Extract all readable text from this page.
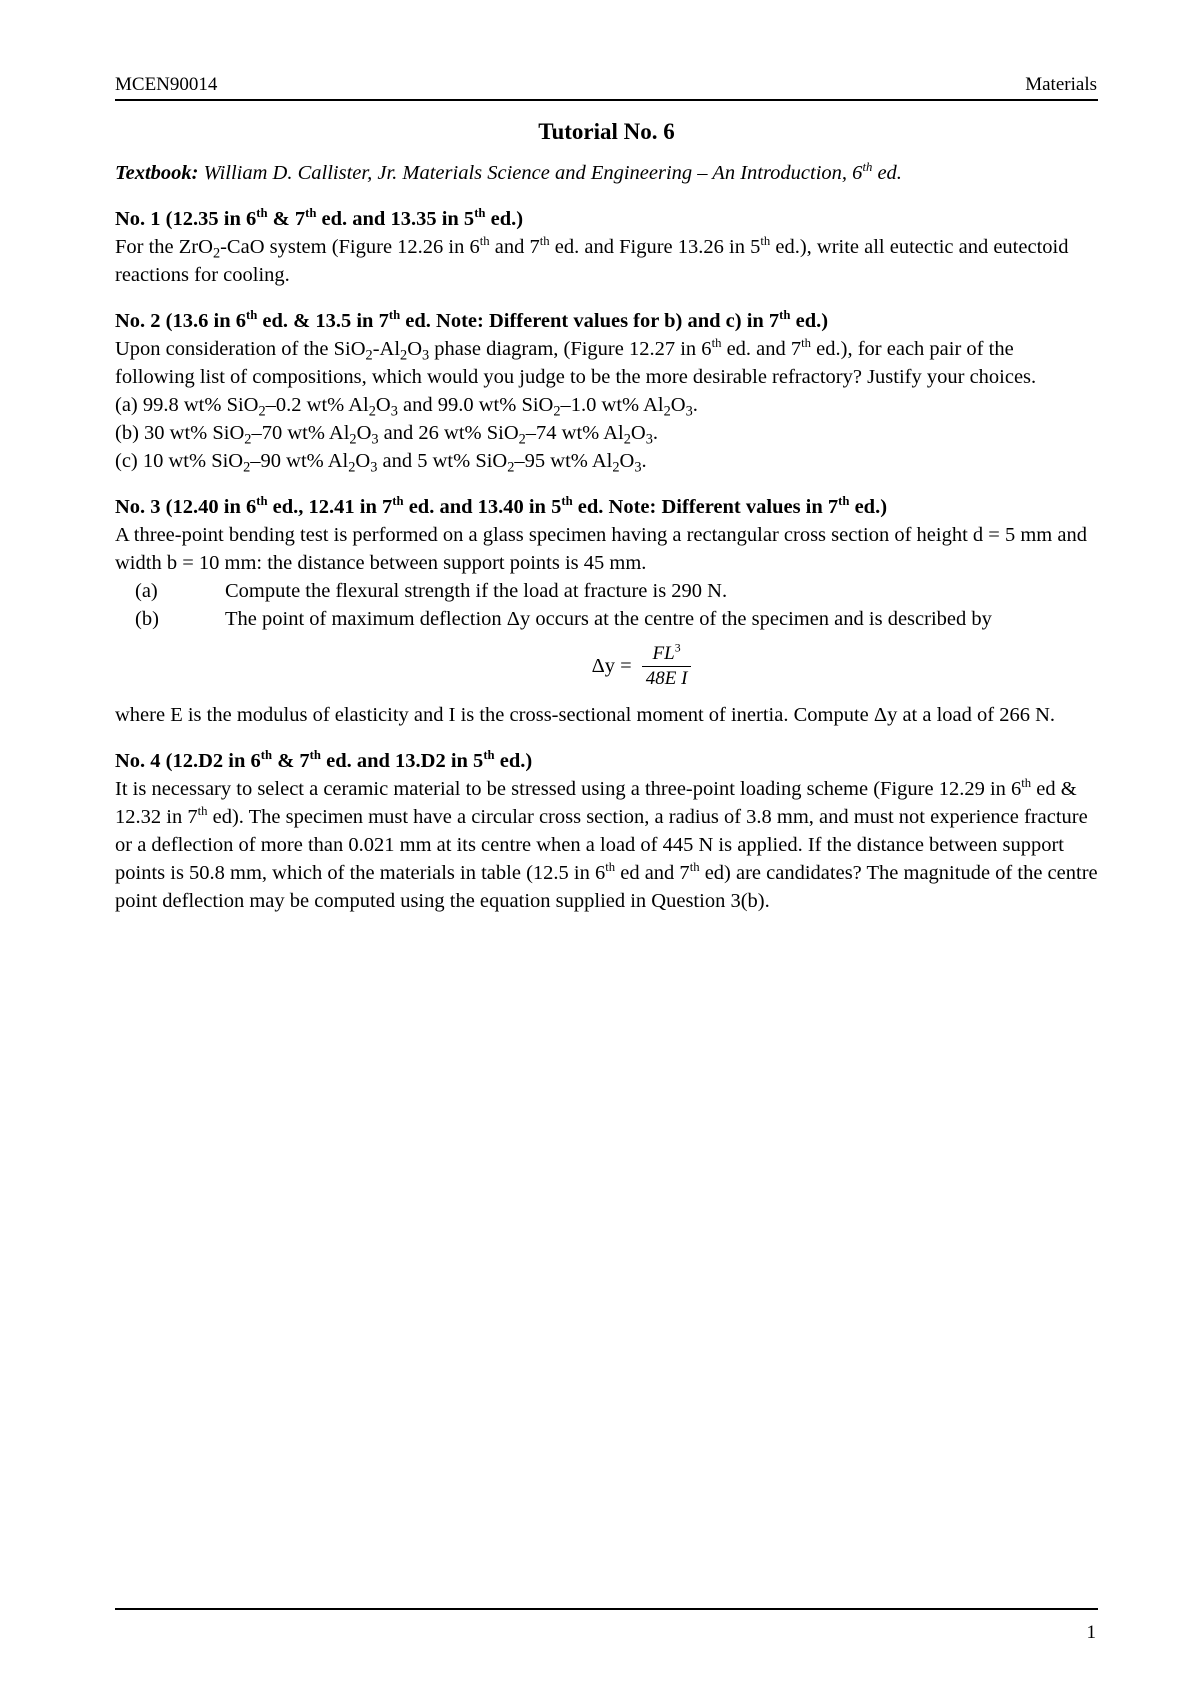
MCEN90014	Materials
Tutorial No. 6
Textbook: William D. Callister, Jr. Materials Science and Engineering – An Introduction, 6th ed.
No. 1 (12.35 in 6th & 7th ed. and 13.35 in 5th ed.)
For the ZrO$_2$-CaO system (Figure 12.26 in 6th and 7th ed. and Figure 13.26 in 5th ed.), write all eutectic and eutectoid reactions for cooling.
No. 2 (13.6 in 6th ed. & 13.5 in 7th ed. Note: Different values for b) and c) in 7th ed.)
Upon consideration of the $SiO_2-Al_2O_3$ phase diagram, (Figure 12.27 in 6th ed. and 7th ed.), for each pair of the following list of compositions, which would you judge to be the more desirable refractory? Justify your choices.
(a) 99.8 wt% SiO$_2$–0.2 wt% $Al_2O_3$ and 99.0 wt% SiO$_2$–1.0 wt% $Al_2O_3$.
(b) 30 wt% SiO$_2$–70 wt% $Al_2O_3$ and 26 wt% SiO$_2$–74 wt% $Al_2O_3$.
(c) 10 wt% SiO$_2$–90 wt% $Al_2O_3$ and 5 wt% SiO$_2$–95 wt% $Al_2O_3$.
No. 3 (12.40 in 6th ed., 12.41 in 7th ed. and 13.40 in 5th ed. Note: Different values in 7th ed.)
A three-point bending test is performed on a glass specimen having a rectangular cross section of height d = 5 mm and width b = 10 mm: the distance between support points is 45 mm.
(a)	Compute the flexural strength if the load at fracture is 290 N.
(b)	The point of maximum deflection Δy occurs at the centre of the specimen and is described by
$\Delta y = \frac{FL^3}{\text{48E I}}$
where E is the modulus of elasticity and I is the cross-sectional moment of inertia. Compute Δy at a load of 266 N.
No. 4 (12.D2 in 6th & 7th ed. and 13.D2 in 5th ed.)
It is necessary to select a ceramic material to be stressed using a three-point loading scheme (Figure 12.29 in 6th ed & 12.32 in 7th ed). The specimen must have a circular cross section, a radius of 3.8 mm, and must not experience fracture or a deflection of more than 0.021 mm at its centre when a load of 445 N is applied. If the distance between support points is 50.8 mm, which of the materials in table (12.5 in 6th ed and 7th ed) are candidates? The magnitude of the centre point deflection may be computed using the equation supplied in Question 3(b).
1
